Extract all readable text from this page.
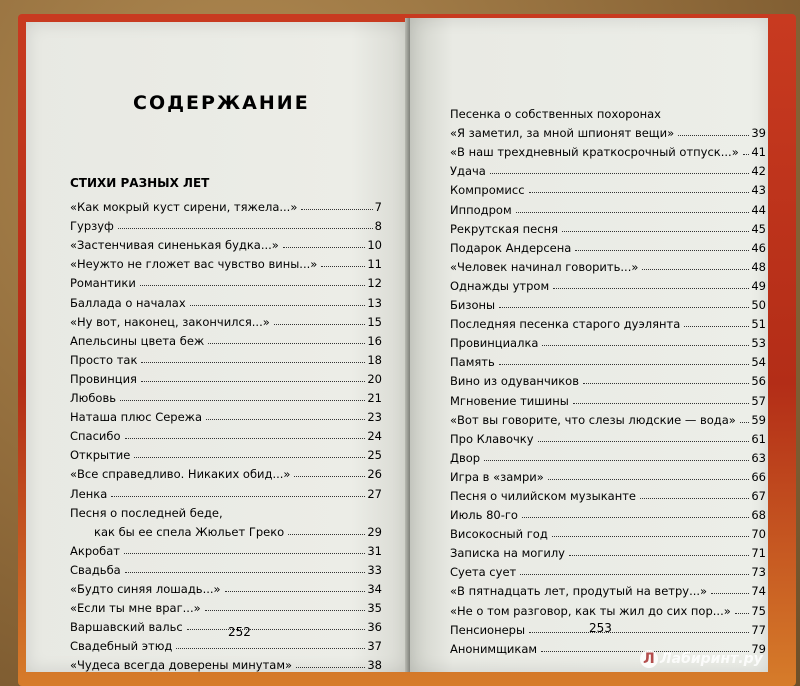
СОДЕРЖАНИЕ
СТИХИ РАЗНЫХ ЛЕТ
«Как мокрый куст сирени, тяжела...»	7
Гурзуф	8
«Застенчивая синенькая будка...»	10
«Неужто не гложет вас чувство вины...»	11
Романтики	12
Баллада о началах	13
«Ну вот, наконец, закончился...»	15
Апельсины цвета беж	16
Просто так	18
Провинция	20
Любовь	21
Наташа плюс Сережа	23
Спасибо	24
Открытие	25
«Все справедливо. Никаких обид...»	26
Ленка	27
Песня о последней беде,
как бы ее спела Жюльет Греко	29
Акробат	31
Свадьба	33
«Будто синяя лошадь...»	34
«Если ты мне враг...»	35
Варшавский вальс	36
Свадебный этюд	37
«Чудеса всегда доверены минутам»	38
Песенка о собственных похоронах
«Я заметил, за мной шпионят вещи»	39
«В наш трехдневный краткосрочный отпуск...» 41
Удача	42
Компромисс	43
Ипподром	44
Рекрутская песня	45
Подарок Андерсена	46
«Человек начинал говорить...»	48
Однажды утром	49
Бизоны	50
Последняя песенка старого дуэлянта	51
Провинциалка	53
Память	54
Вино из одуванчиков	56
Мгновение тишины	57
«Вот вы говорите, что слезы людские — вода» 59
Про Клавочку	61
Двор	63
Игра в «замри»	66
Песня о чилийском музыканте	67
Июль 80-го	68
Високосный год	70
Записка на могилу	71
Суета сует	73
«В пятнадцать лет, продутый на ветру...»	74
«Не о том разговор, как ты жил до сих пор...» 75
Пенсионеры	77
Анонимщикам	79
252	253
Л Лабиринт.ру
